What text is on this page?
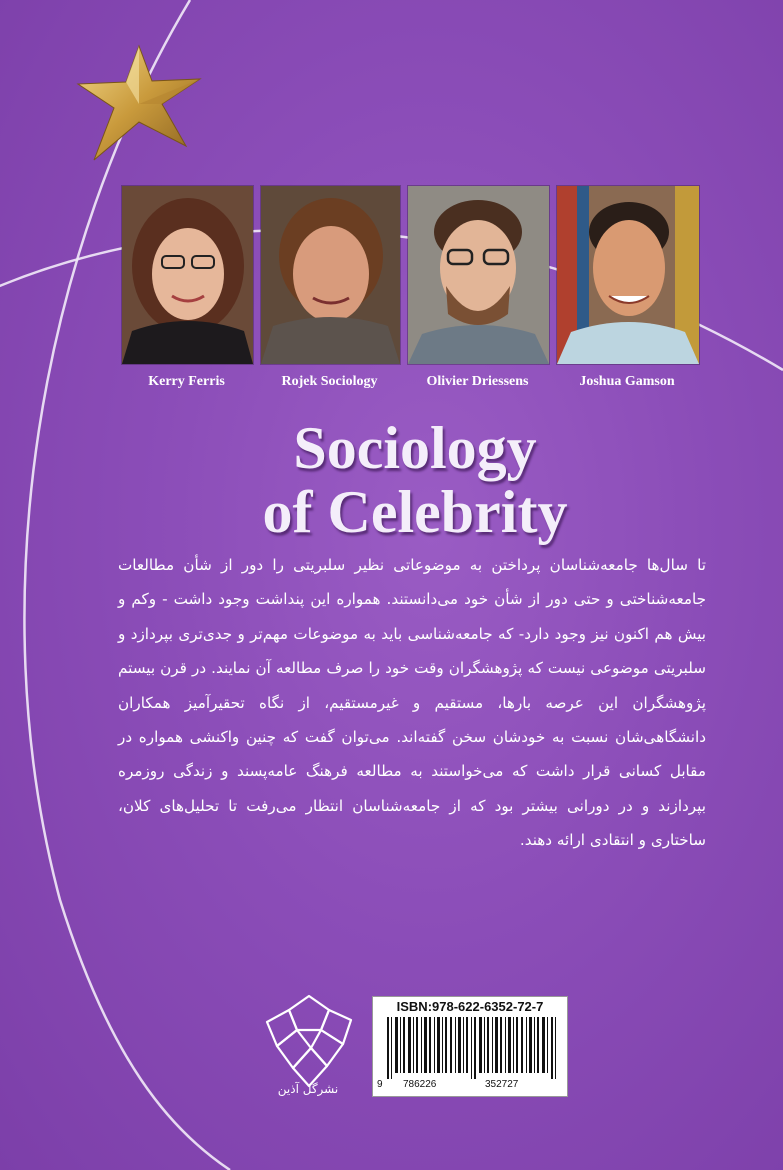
Kerry Ferris	Rojek Sociology	Olivier Driessens	Joshua Gamson
Sociology
of Celebrity
تا سال‌ها جامعه‌شناسان پرداختن به موضوعاتی نظیر سلبریتی را دور از شأن مطالعات جامعه‌شناختی و حتی دور از شأن خود می‌دانستند. همواره این پنداشت وجود داشت - وکم و بیش هم اکنون نیز وجود دارد- که جامعه‌شناسی باید به موضوعات مهم‌تر و جدی‌تری بپردازد و سلبریتی موضوعی نیست که پژوهشگران وقت خود را صرف مطالعه آن نمایند. در قرن بیستم پژوهشگران این عرصه بارها، مستقیم و غیرمستقیم، از نگاه تحقیرآمیز همکاران دانشگاهی‌شان نسبت به خودشان سخن گفته‌اند. می‌توان گفت که چنین واکنشی همواره در مقابل کسانی قرار داشت که می‌خواستند به مطالعه فرهنگ عامه‌پسند و زندگی روزمره بپردازند و در دورانی بیشتر بود که از جامعه‌شناسان انتظار می‌رفت تا تحلیل‌های کلان، ساختاری و انتقادی ارائه دهند.
نشرگل آذین
ISBN:978-622-6352-72-7
9 786226	352727
